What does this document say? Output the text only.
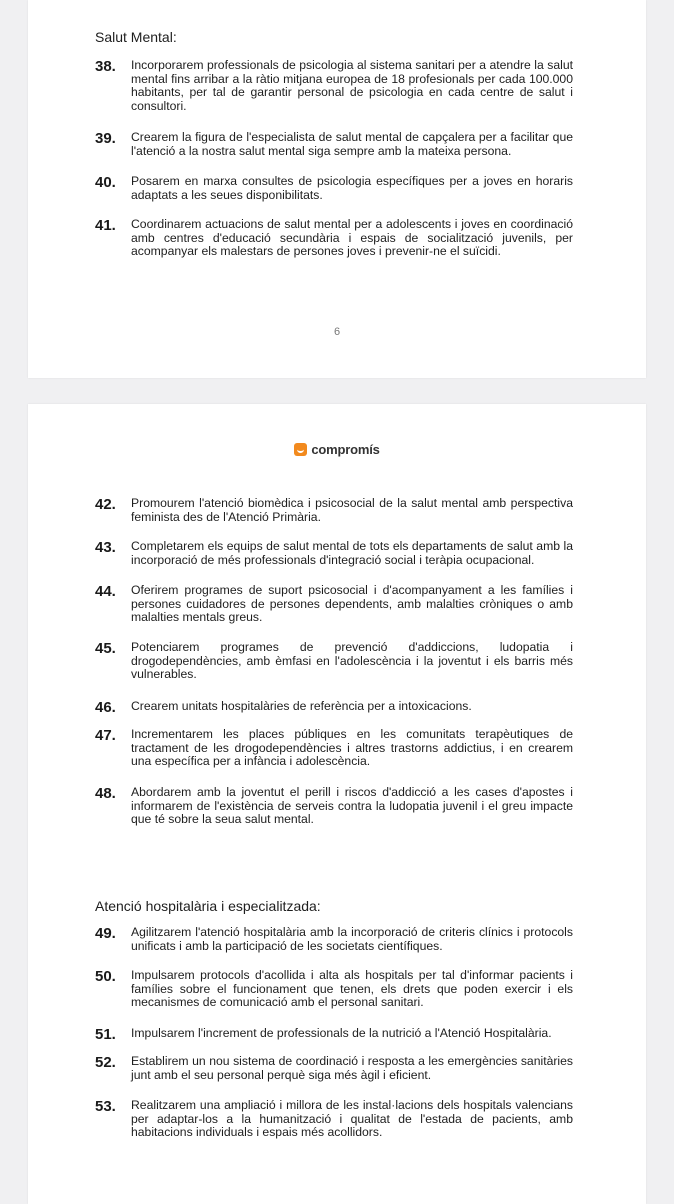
Salut Mental:
38.	Incorporarem professionals de psicologia al sistema sanitari per a atendre la salut mental fins arribar a la ràtio mitjana europea de 18 profesionals per cada 100.000 habitants, per tal de garantir personal de psicologia en cada centre de salut i consultori.
39.	Crearem la figura de l'especialista de salut mental de capçalera per a facilitar que l'atenció a la nostra salut mental siga sempre amb la mateixa persona.
40.	Posarem en marxa consultes de psicologia específiques per a joves en horaris adaptats a les seues disponibilitats.
41.	Coordinarem actuacions de salut mental per a adolescents i joves en coordinació amb centres d'educació secundària i espais de socialització juvenils, per acompanyar els malestars de persones joves i prevenir-ne el suïcidi.
6
compromís
42.	Promourem l'atenció biomèdica i psicosocial de la salut mental amb perspectiva feminista des de l'Atenció Primària.
43.	Completarem els equips de salut mental de tots els departaments de salut amb la incorporació de més professionals d'integració social i teràpia ocupacional.
44.	Oferirem programes de suport psicosocial i d'acompanyament a les famílies i persones cuidadores de persones dependents, amb malalties cròniques o amb malalties mentals greus.
45.	Potenciarem programes de prevenció d'addiccions, ludopatia i drogodependències, amb èmfasi en l'adolescència i la joventut i els barris més vulnerables.
46.	Crearem unitats hospitalàries de referència per a intoxicacions.
47.	Incrementarem les places públiques en les comunitats terapèutiques de tractament de les drogodependències i altres trastorns addictius, i en crearem una específica per a infància i adolescència.
48.	Abordarem amb la joventut el perill i riscos d'addicció a les cases d'apostes i informarem de l'existència de serveis contra la ludopatia juvenil i el greu impacte que té sobre la seua salut mental.
Atenció hospitalària i especialitzada:
49.	Agilitzarem l'atenció hospitalària amb la incorporació de criteris clínics i protocols unificats i amb la participació de les societats científiques.
50.	Impulsarem protocols d'acollida i alta als hospitals per tal d'informar pacients i famílies sobre el funcionament que tenen, els drets que poden exercir i els mecanismes de comunicació amb el personal sanitari.
51.	Impulsarem l'increment de professionals de la nutrició a l'Atenció Hospitalària.
52.	Establirem un nou sistema de coordinació i resposta a les emergències sanitàries junt amb el seu personal perquè siga més àgil i eficient.
53.	Realitzarem una ampliació i millora de les instal·lacions dels hospitals valencians per adaptar-los a la humanització i qualitat de l'estada de pacients, amb habitacions individuals i espais més acollidors.
